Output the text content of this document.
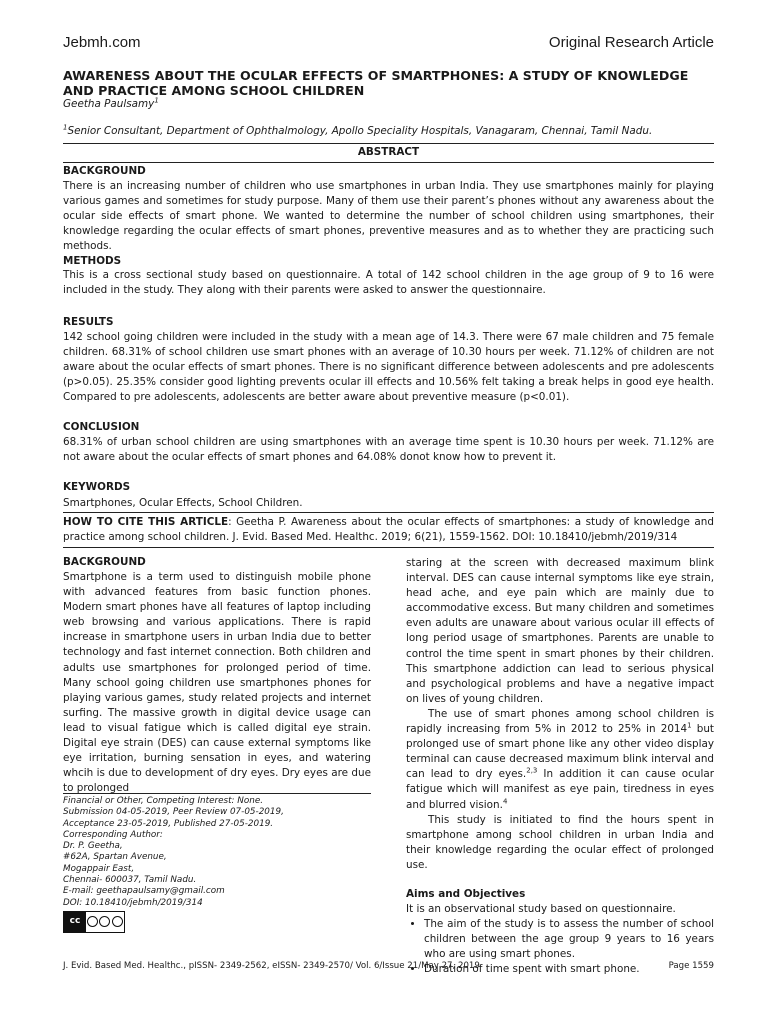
Jebmh.com	Original Research Article
AWARENESS ABOUT THE OCULAR EFFECTS OF SMARTPHONES: A STUDY OF KNOWLEDGE AND PRACTICE AMONG SCHOOL CHILDREN
Geetha Paulsamy$^1$
$^1$Senior Consultant, Department of Ophthalmology, Apollo Speciality Hospitals, Vanagaram, Chennai, Tamil Nadu.
ABSTRACT
BACKGROUND
There is an increasing number of children who use smartphones in urban India. They use smartphones mainly for playing various games and sometimes for study purpose. Many of them use their parent’s phones without any awareness about the ocular side effects of smart phone. We wanted to determine the number of school children using smartphones, their knowledge regarding the ocular effects of smart phones, preventive measures and as to whether they are practicing such methods.
METHODS
This is a cross sectional study based on questionnaire. A total of 142 school children in the age group of 9 to 16 were included in the study. They along with their parents were asked to answer the questionnaire.
RESULTS
142 school going children were included in the study with a mean age of 14.3. There were 67 male children and 75 female children. 68.31% of school children use smart phones with an average of 10.30 hours per week. 71.12% of children are not aware about the ocular effects of smart phones. There is no significant difference between adolescents and pre adolescents (p>0.05). 25.35% consider good lighting prevents ocular ill effects and 10.56% felt taking a break helps in good eye health. Compared to pre adolescents, adolescents are better aware about preventive measure (p<0.01).
CONCLUSION
68.31% of urban school children are using smartphones with an average time spent is 10.30 hours per week. 71.12% are not aware about the ocular effects of smart phones and 64.08% donot know how to prevent it.
KEYWORDS
Smartphones, Ocular Effects, School Children.
HOW TO CITE THIS ARTICLE: Geetha P. Awareness about the ocular effects of smartphones: a study of knowledge and practice among school children. J. Evid. Based Med. Healthc. 2019; 6(21), 1559-1562. DOI: 10.18410/jebmh/2019/314
BACKGROUND
Smartphone is a term used to distinguish mobile phone with advanced features from basic function phones. Modern smart phones have all features of laptop including web browsing and various applications. There is rapid increase in smartphone users in urban India due to better technology and fast internet connection. Both children and adults use smartphones for prolonged period of time. Many school going children use smartphones phones for playing various games, study related projects and internet surfing. The massive growth in digital device usage can lead to visual fatigue which is called digital eye strain. Digital eye strain (DES) can cause external symptoms like eye irritation, burning sensation in eyes, and watering whcih is due to development of dry eyes. Dry eyes are due to prolonged
Financial or Other, Competing Interest: None.
Submission 04-05-2019, Peer Review 07-05-2019,
Acceptance 23-05-2019, Published 27-05-2019.
Corresponding Author:
Dr. P. Geetha,
#62A, Spartan Avenue,
Mogappair East,
Chennai- 600037, Tamil Nadu.
E-mail: geethapaulsamy@gmail.com
DOI: 10.18410/jebmh/2019/314
cc
staring at the screen with decreased maximum blink interval. DES can cause internal symptoms like eye strain, head ache, and eye pain which are mainly due to accommodative excess. But many children and sometimes even adults are unaware about various ocular ill effects of long period usage of smartphones. Parents are unable to control the time spent in smart phones by their children. This smartphone addiction can lead to serious physical and psychological problems and have a negative impact on lives of young children.
The use of smart phones among school children is rapidly increasing from 5% in 2012 to 25% in 2014$^1$ but prolonged use of smart phone like any other video display terminal can cause decreased maximum blink interval and can lead to dry eyes.$^{2,3}$ In addition it can cause ocular fatigue which will manifest as eye pain, tiredness in eyes and blurred vision.$^4$
This study is initiated to find the hours spent in smartphone among school children in urban India and their knowledge regarding the ocular effect of prolonged use.
Aims and Objectives
It is an observational study based on questionnaire.
• The aim of the study is to assess the number of school children between the age group 9 years to 16 years who are using smart phones.
• Duration of time spent with smart phone.
J. Evid. Based Med. Healthc., pISSN- 2349-2562, eISSN- 2349-2570/ Vol. 6/Issue 21/May 27, 2019	Page 1559
